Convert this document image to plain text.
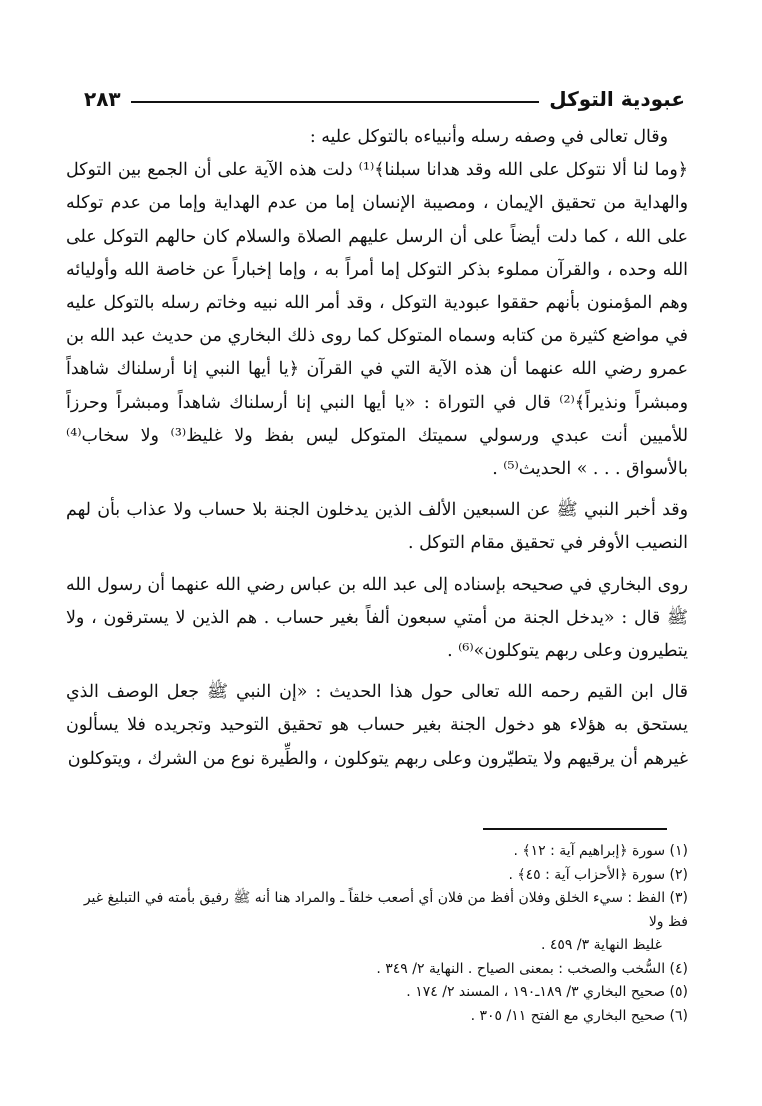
عبودية التوكل
٢٨٣

وقال تعالى في وصفه رسله وأنبياءه بالتوكل عليه :

﴿وما لنا ألا نتوكل على الله وقد هدانا سبلنا﴾⁽¹⁾ دلت هذه الآية على أن الجمع بين التوكل والهداية من تحقيق الإيمان ، ومصيبة الإنسان إما من عدم الهداية وإما من عدم توكله على الله ، كما دلت أيضاً على أن الرسل عليهم الصلاة والسلام كان حالهم التوكل على الله وحده ، والقرآن مملوء بذكر التوكل إما أمراً به ، وإما إخباراً عن خاصة الله وأوليائه وهم المؤمنون بأنهم حققوا عبودية التوكل ، وقد أمر الله نبيه وخاتم رسله بالتوكل عليه في مواضع كثيرة من كتابه وسماه المتوكل كما روى ذلك البخاري من حديث عبد الله بن عمرو رضي الله عنهما أن هذه الآية التي في القرآن ﴿يا أيها النبي إنا أرسلناك شاهداً ومبشراً ونذيراً﴾⁽²⁾ قال في التوراة : «يا أيها النبي إنا أرسلناك شاهداً ومبشراً وحرزاً للأميين أنت عبدي ورسولي سميتك المتوكل ليس بفظ ولا غليظ⁽³⁾ ولا سخاب⁽⁴⁾ بالأسواق . . . » الحديث⁽⁵⁾ .

وقد أخبر النبي ﷺ عن السبعين الألف الذين يدخلون الجنة بلا حساب ولا عذاب بأن لهم النصيب الأوفر في تحقيق مقام التوكل .

روى البخاري في صحيحه بإسناده إلى عبد الله بن عباس رضي الله عنهما أن رسول الله ﷺ قال : «يدخل الجنة من أمتي سبعون ألفاً بغير حساب . هم الذين لا يسترقون ، ولا يتطيرون وعلى ربهم يتوكلون»⁽⁶⁾ .

قال ابن القيم رحمه الله تعالى حول هذا الحديث : «إن النبي ﷺ جعل الوصف الذي يستحق به هؤلاء هو دخول الجنة بغير حساب هو تحقيق التوحيد وتجريده فلا يسألون غيرهم أن يرقيهم ولا يتطيّرون وعلى ربهم يتوكلون ، والطِّيرة نوع من الشرك ، ويتوكلون

(١) سورة ﴿إبراهيم آية : ١٢﴾ .

(٢) سورة ﴿الأحزاب آية : ٤٥﴾ .

(٣) الفظ : سيء الخلق وفلان أفظ من فلان أي أصعب خلقاً ـ والمراد هنا أنه ﷺ رفيق بأمته في التبليغ غير فظ ولا

غليظ النهاية ٣/ ٤٥٩ .

(٤) السُّخب والصخب : بمعنى الصياح . النهاية ٢/ ٣٤٩ .

(٥) صحيح البخاري ٣/ ١٨٩ـ١٩٠ ، المسند ٢/ ١٧٤ .

(٦) صحيح البخاري مع الفتح ١١/ ٣٠٥ .
